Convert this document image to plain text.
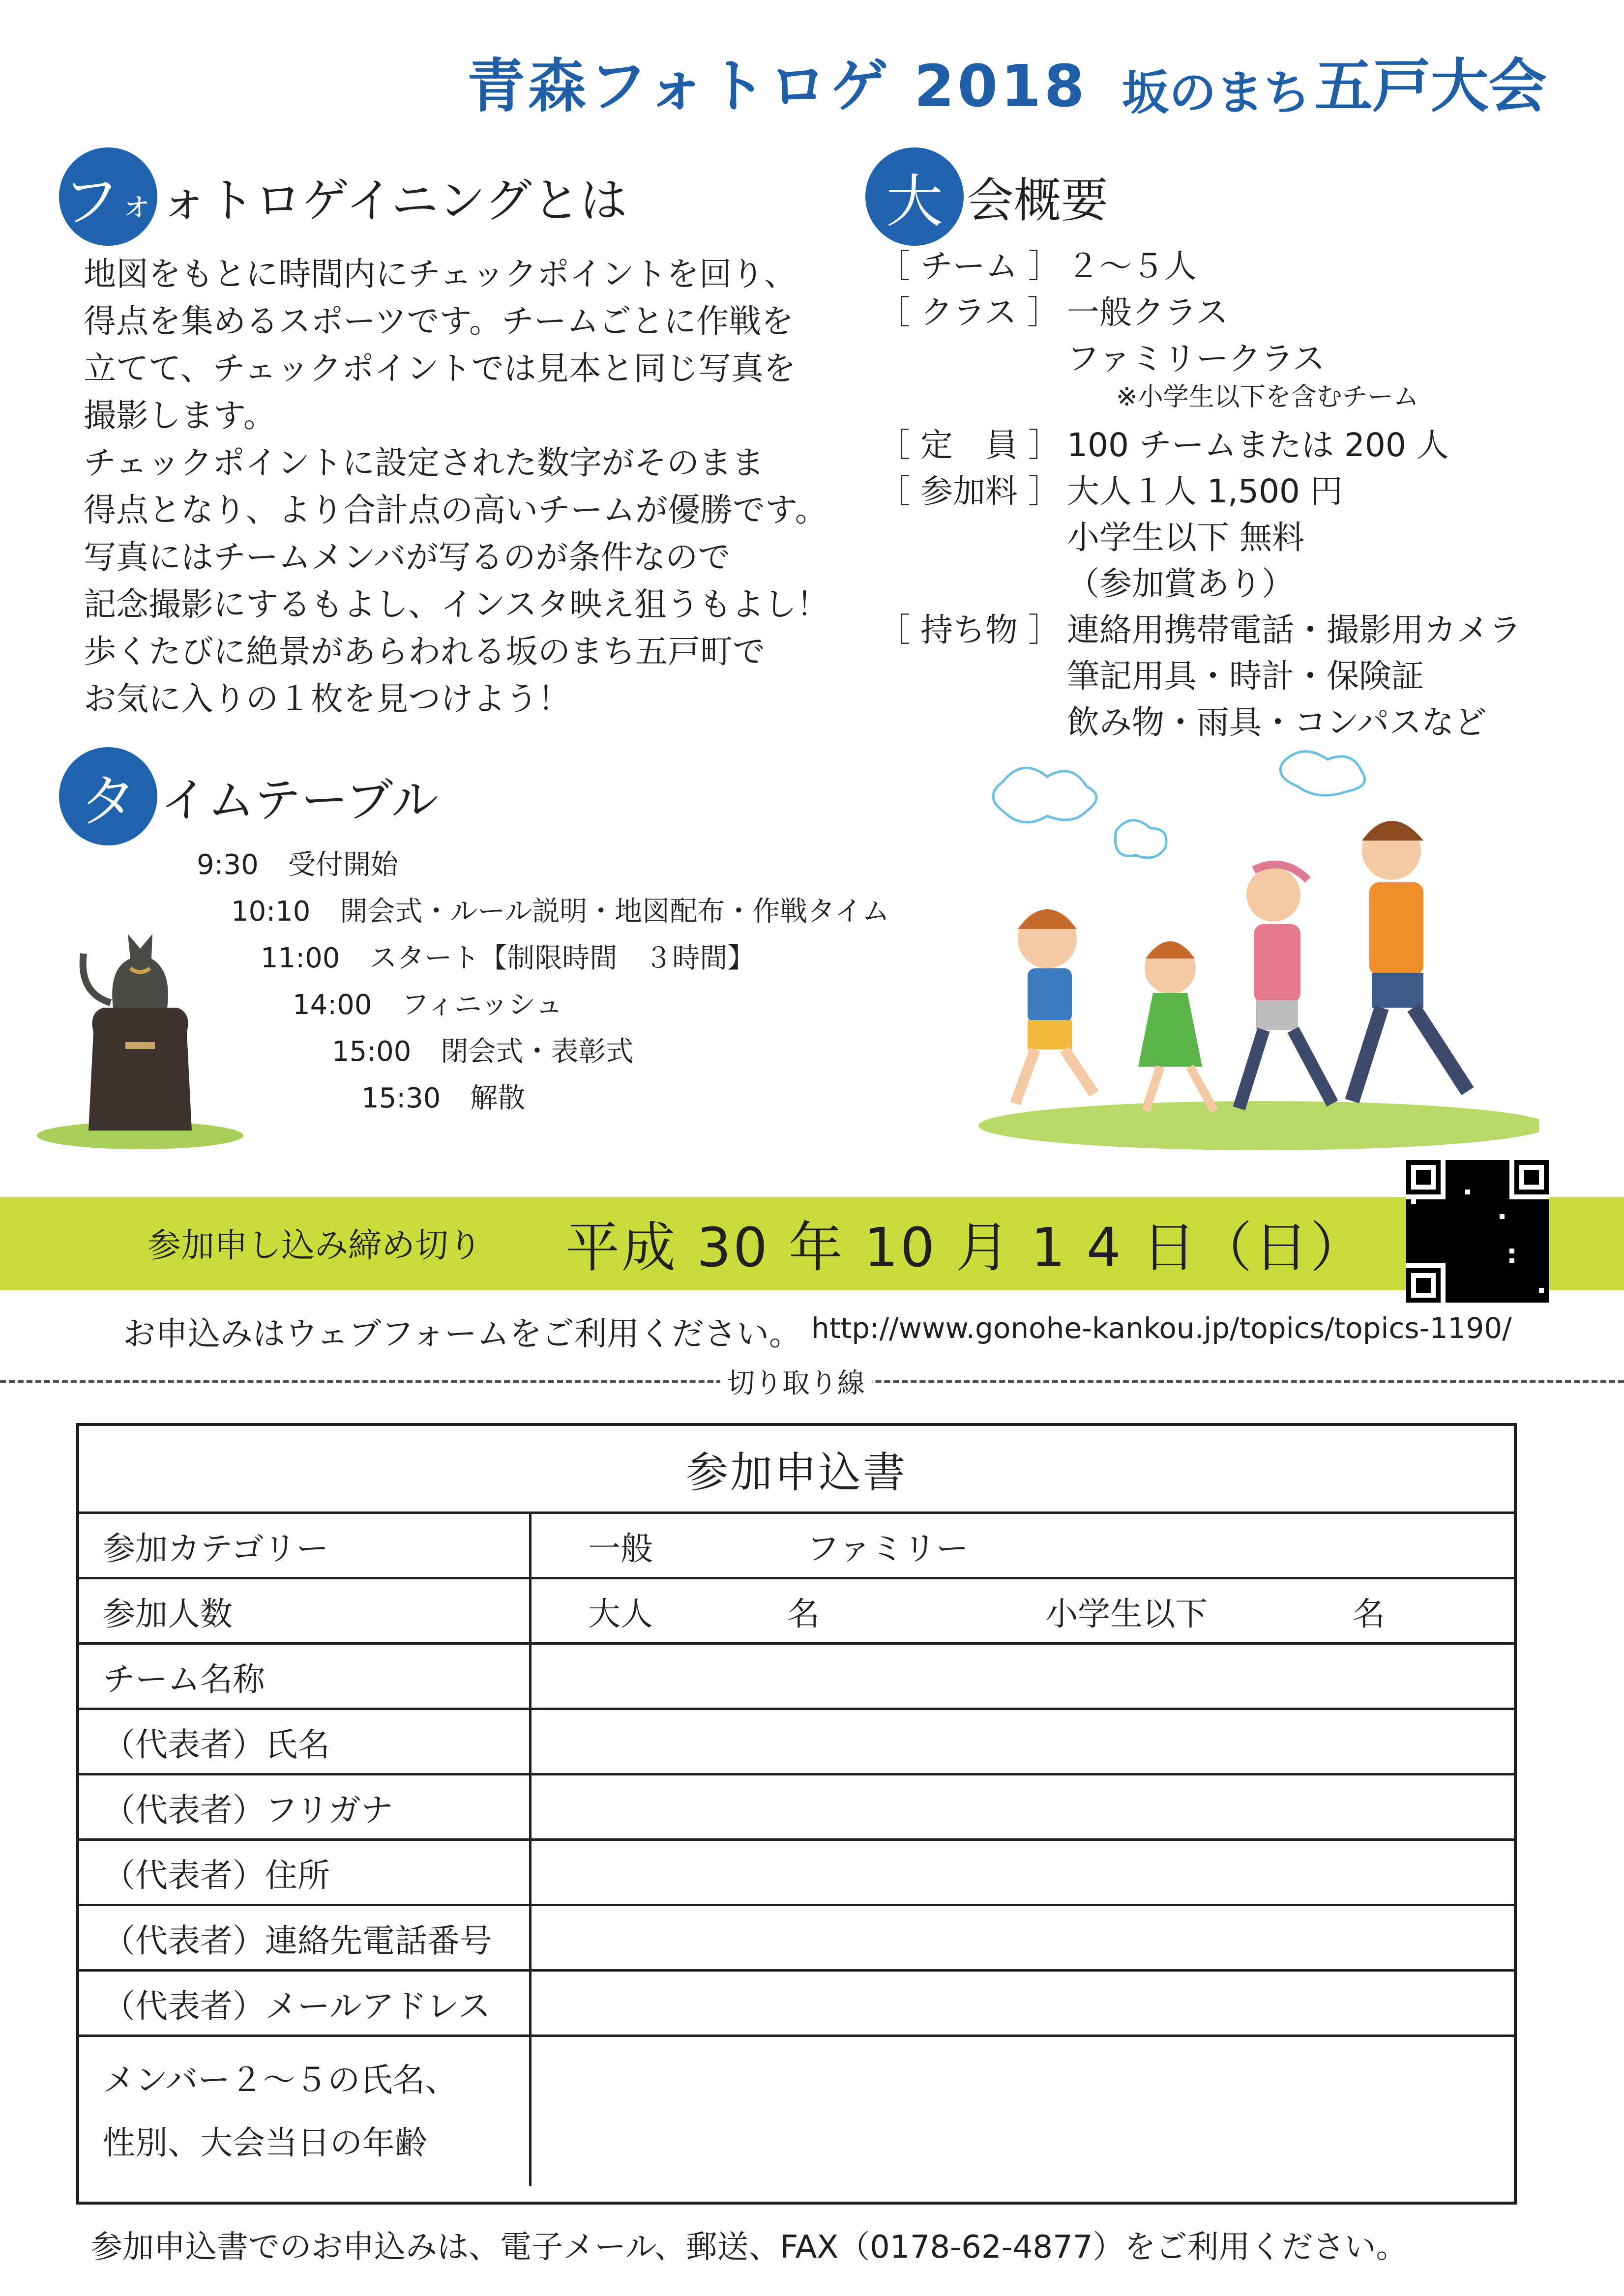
青森フォトロゲ 2018 坂のまち 五戸大会
フ ォ ォトロゲイニングとは
地図をもとに時間内にチェックポイントを回り、
得点を集めるスポーツです。チームごとに作戦を
立てて、チェックポイントでは見本と同じ写真を
撮影します。
チェックポイントに設定された数字がそのまま
得点となり、より合計点の高いチームが優勝です。
写真にはチームメンバが写るのが条件なので
記念撮影にするもよし、インスタ映え狙うもよし！
歩くたびに絶景があらわれる坂のまち五戸町で
お気に入りの１枚を見つけよう！
大 会概要
［ チーム ］ ２～５人
［ クラス ］ 一般クラス
ファミリークラス
※小学生以下を含むチーム
［ 定　員 ］ 100 チームまたは 200 人
［ 参加料 ］ 大人１人 1,500 円
小学生以下 無料
（参加賞あり）
［ 持ち物 ］ 連絡用携帯電話・撮影用カメラ
筆記用具・時計・保険証
飲み物・雨具・コンパスなど
タ イムテーブル
9:30 受付開始
10:10 開会式・ルール説明・地図配布・作戦タイム
11:00 スタート【制限時間　３時間】
14:00 フィニッシュ
15:00 閉会式・表彰式
15:30 解散
参加申し込み締め切り 平成 30 年 10 月 1 4 日（日）
お申込みはウェブフォームをご利用ください。 http://www.gonohe-kankou.jp/topics/topics-1190/
切り取り線
参加申込書
参加カテゴリー	一般	ファミリー
参加人数	大人	名	小学生以下	名
チーム名称
（代表者）氏名
（代表者）フリガナ
（代表者）住所
（代表者）連絡先電話番号
（代表者）メールアドレス
メンバー２～５の氏名、
性別、大会当日の年齢
参加申込書でのお申込みは、電子メール、郵送、FAX（0178-62-4877）をご利用ください。
